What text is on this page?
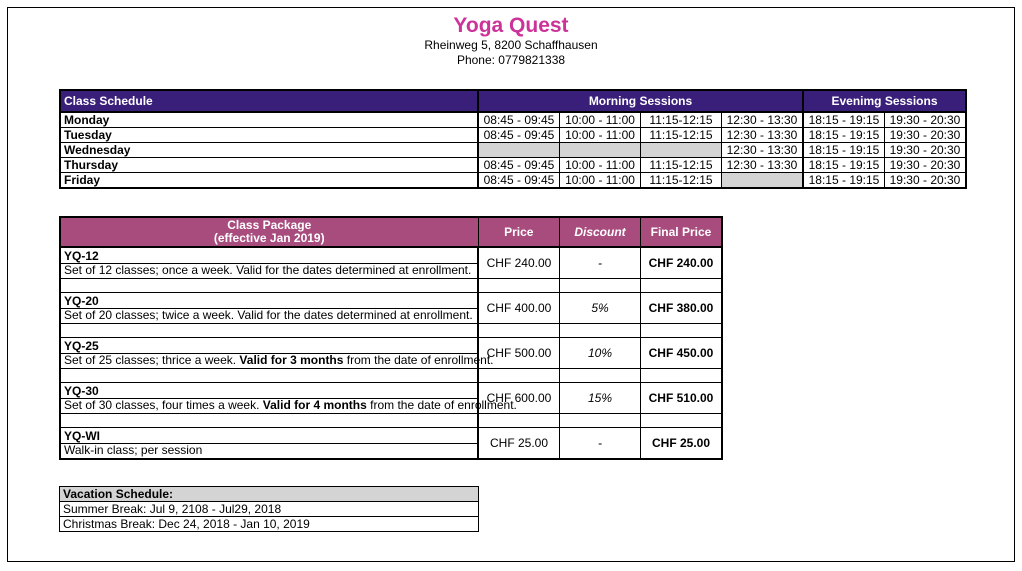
Yoga Quest
Rheinweg 5, 8200 Schaffhausen
Phone: 0779821338
Class Schedule	Morning Sessions				Evenimg Sessions	
Monday	08:45 - 09:45	10:00 - 11:00	11:15-12:15	12:30 - 13:30	18:15 - 19:15	19:30 - 20:30
Tuesday	08:45 - 09:45	10:00 - 11:00	11:15-12:15	12:30 - 13:30	18:15 - 19:15	19:30 - 20:30
Wednesday				12:30 - 13:30	18:15 - 19:15	19:30 - 20:30
Thursday	08:45 - 09:45	10:00 - 11:00	11:15-12:15	12:30 - 13:30	18:15 - 19:15	19:30 - 20:30
Friday	08:45 - 09:45	10:00 - 11:00	11:15-12:15		18:15 - 19:15	19:30 - 20:30
Class Package
(effective Jan 2019)	Price	Discount	Final Price

YQ-12
Set of 12 classes; once a week. Valid for the dates determined at enrollment.	CHF 240.00	-	CHF 240.00

YQ-20
Set of 20 classes; twice a week. Valid for the dates determined at enrollment.	CHF 400.00	5%	CHF 380.00

YQ-25
Set of 25 classes; thrice a week. Valid for 3 months from the date of enrollment.	CHF 500.00	10%	CHF 450.00

YQ-30
Set of 30 classes, four times a week. Valid for 4 months from the date of enrollment.	CHF 600.00	15%	CHF 510.00

YQ-WI
Walk-in class; per session	CHF 25.00	-	CHF 25.00
Vacation Schedule:
Summer Break: Jul 9, 2108 - Jul29, 2018
Christmas Break: Dec 24, 2018 - Jan 10, 2019
